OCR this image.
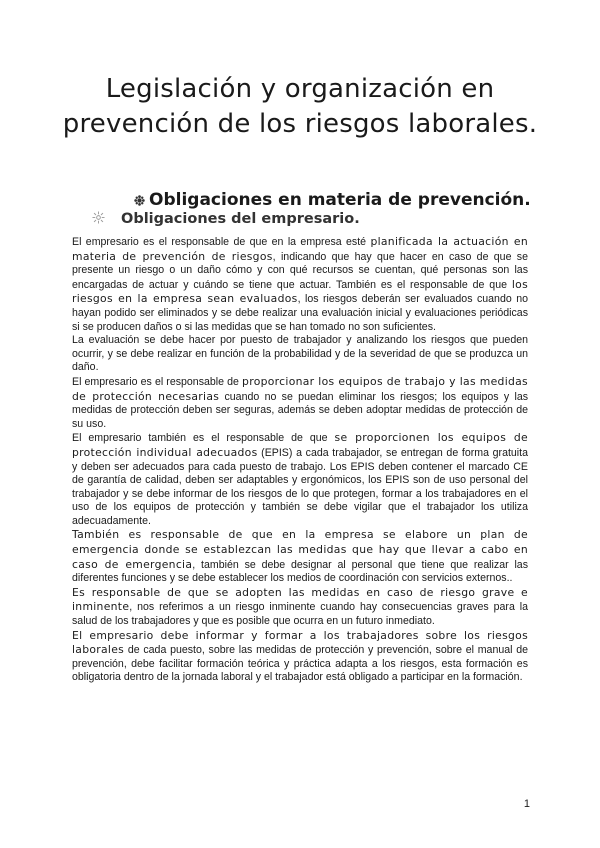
Legislación y organización en prevención de los riesgos laborales.
Obligaciones en materia de prevención.
Obligaciones del empresario.

El empresario es el responsable de que en la empresa esté planificada la actuación en materia de prevención de riesgos, indicando que hay que hacer en caso de que se presente un riesgo o un daño cómo y con qué recursos se cuentan, qué personas son las encargadas de actuar y cuándo se tiene que actuar. También es el responsable de que los riesgos en la empresa sean evaluados, los riesgos deberán ser evaluados cuando no hayan podido ser eliminados y se debe realizar una evaluación inicial y evaluaciones periódicas si se producen daños o si las medidas que se han tomado no son suficientes.

La evaluación se debe hacer por puesto de trabajador y analizando los riesgos que pueden ocurrir, y se debe realizar en función de la probabilidad y de la severidad de que se produzca un daño.

El empresario es el responsable de proporcionar los equipos de trabajo y las medidas de protección necesarias cuando no se puedan eliminar los riesgos; los equipos y las medidas de protección deben ser seguras, además se deben adoptar medidas de protección de su uso.

El empresario también es el responsable de que se proporcionen los equipos de protección individual adecuados (EPIS) a cada trabajador, se entregan de forma gratuita y deben ser adecuados para cada puesto de trabajo. Los EPIS deben contener el marcado CE de garantía de calidad, deben ser adaptables y ergonómicos, los EPIS son de uso personal del trabajador y se debe informar de los riesgos de lo que protegen, formar a los trabajadores en el uso de los equipos de protección y también se debe vigilar que el trabajador los utiliza adecuadamente.

También es responsable de que en la empresa se elabore un plan de emergencia donde se establezcan las medidas que hay que llevar a cabo en caso de emergencia, también se debe designar al personal que tiene que realizar las diferentes funciones y se debe establecer los medios de coordinación con servicios externos..

Es responsable de que se adopten las medidas en caso de riesgo grave e inminente, nos referimos a un riesgo inminente cuando hay consecuencias graves para la salud de los trabajadores y que es posible que ocurra en un futuro inmediato.

El empresario debe informar y formar a los trabajadores sobre los riesgos laborales de cada puesto, sobre las medidas de protección y prevención, sobre el manual de prevención, debe facilitar formación teórica y práctica adapta a los riesgos, esta formación es obligatoria dentro de la jornada laboral y el trabajador está obligado a participar en la formación.

1
